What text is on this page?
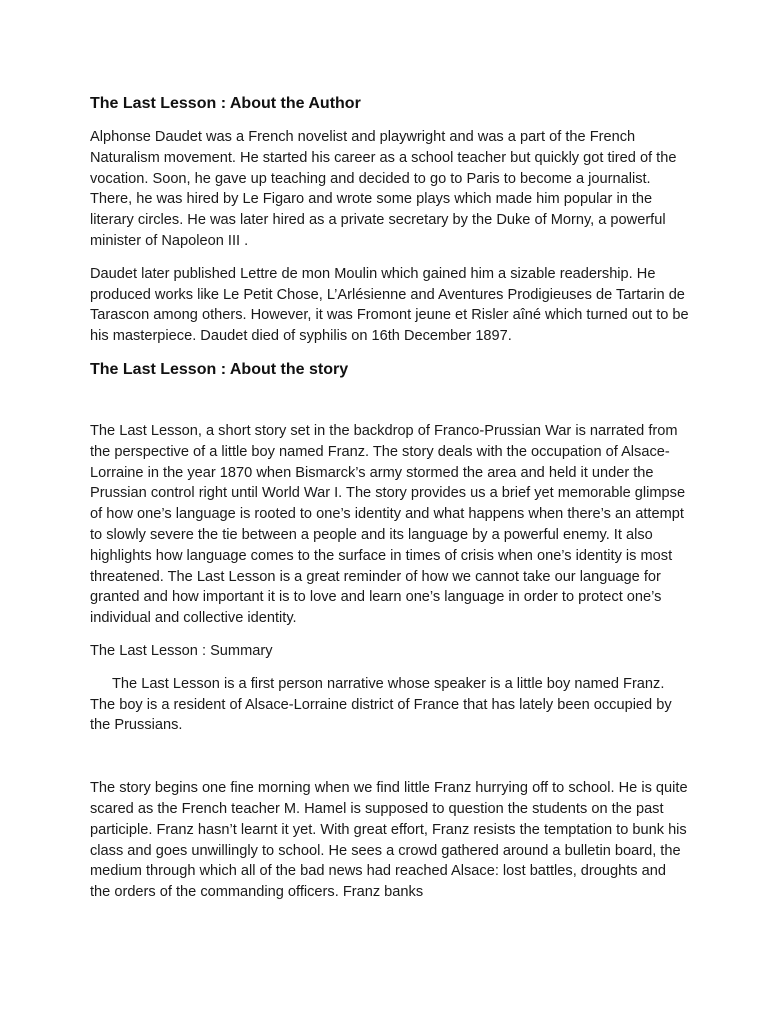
The Last Lesson : About the Author

Alphonse Daudet was a French novelist and playwright and was a part of the French Naturalism movement. He started his career as a school teacher but quickly got tired of the vocation. Soon, he gave up teaching and decided to go to Paris to become a journalist. There, he was hired by Le Figaro and wrote some plays which made him popular in the literary circles. He was later hired as a private secretary by the Duke of Morny, a powerful minister of Napoleon III .

Daudet later published Lettre de mon Moulin which gained him a sizable readership. He produced works like Le Petit Chose, L’Arlésienne and Aventures Prodigieuses de Tartarin de Tarascon among others. However, it was Fromont jeune et Risler aîné which turned out to be his masterpiece. Daudet died of syphilis on 16th December 1897.

The Last Lesson : About the story

The Last Lesson, a short story set in the backdrop of Franco-Prussian War is narrated from the perspective of a little boy named Franz. The story deals with the occupation of Alsace-Lorraine in the year 1870 when Bismarck’s army stormed the area and held it under the Prussian control right until World War I. The story provides us a brief yet memorable glimpse of how one’s language is rooted to one’s identity and what happens when there’s an attempt to slowly severe the tie between a people and its language by a powerful enemy. It also highlights how language comes to the surface in times of crisis when one’s identity is most threatened. The Last Lesson is a great reminder of how we cannot take our language for granted and how important it is to love and learn one’s language in order to protect one’s individual and collective identity.

The Last Lesson : Summary

The Last Lesson is a first person narrative whose speaker is a little boy named Franz. The boy is a resident of Alsace-Lorraine district of France that has lately been occupied by the Prussians.

The story begins one fine morning when we find little Franz hurrying off to school. He is quite scared as the French teacher M. Hamel is supposed to question the students on the past participle. Franz hasn’t learnt it yet. With great effort, Franz resists the temptation to bunk his class and goes unwillingly to school. He sees a crowd gathered around a bulletin board, the medium through which all of the bad news had reached Alsace: lost battles, droughts and the orders of the commanding officers. Franz banks
